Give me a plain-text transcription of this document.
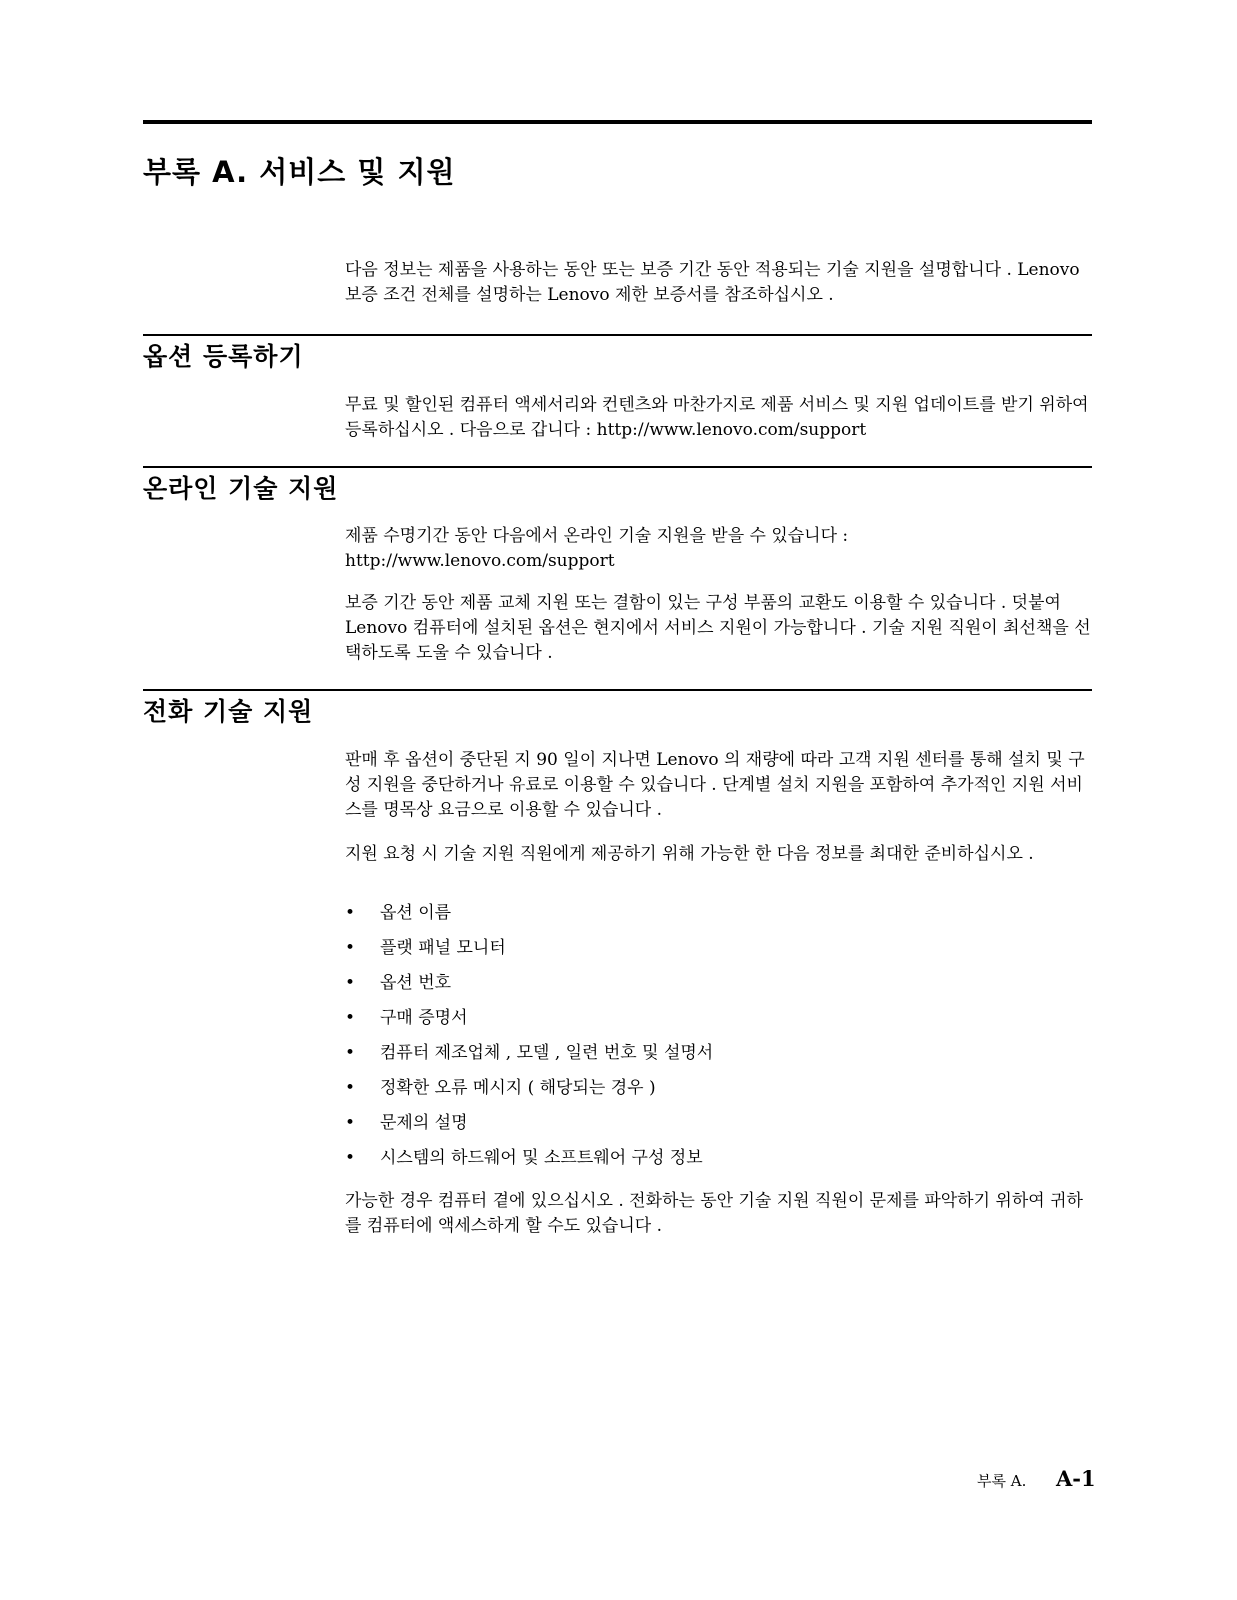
부록 A. 서비스 및 지원

다음 정보는 제품을 사용하는 동안 또는 보증 기간 동안 적용되는 기술 지원을 설명합니다 . Lenovo 보증 조건 전체를 설명하는 Lenovo 제한 보증서를 참조하십시오 .

옵션 등록하기

무료 및 할인된 컴퓨터 액세서리와 컨텐츠와 마찬가지로 제품 서비스 및 지원 업데이트를 받기 위하여 등록하십시오 . 다음으로 갑니다 : http://www.lenovo.com/support

온라인 기술 지원

제품 수명기간 동안 다음에서 온라인 기술 지원을 받을 수 있습니다 : http://www.lenovo.com/support

보증 기간 동안 제품 교체 지원 또는 결함이 있는 구성 부품의 교환도 이용할 수 있습니다 . 덧붙여 Lenovo 컴퓨터에 설치된 옵션은 현지에서 서비스 지원이 가능합니다 . 기술 지원 직원이 최선책을 선택하도록 도울 수 있습니다 .

전화 기술 지원

판매 후 옵션이 중단된 지 90 일이 지나면 Lenovo 의 재량에 따라 고객 지원 센터를 통해 설치 및 구성 지원을 중단하거나 유료로 이용할 수 있습니다 . 단계별 설치 지원을 포함하여 추가적인 지원 서비스를 명목상 요금으로 이용할 수 있습니다 .

지원 요청 시 기술 지원 직원에게 제공하기 위해 가능한 한 다음 정보를 최대한 준비하십시오 .

• 옵션 이름
• 플랫 패널 모니터
• 옵션 번호
• 구매 증명서
• 컴퓨터 제조업체 , 모델 , 일련 번호 및 설명서
• 정확한 오류 메시지 ( 해당되는 경우 )
• 문제의 설명
• 시스템의 하드웨어 및 소프트웨어 구성 정보

가능한 경우 컴퓨터 곁에 있으십시오 . 전화하는 동안 기술 지원 직원이 문제를 파악하기 위하여 귀하를 컴퓨터에 액세스하게 할 수도 있습니다 .

부록 A. A-1
